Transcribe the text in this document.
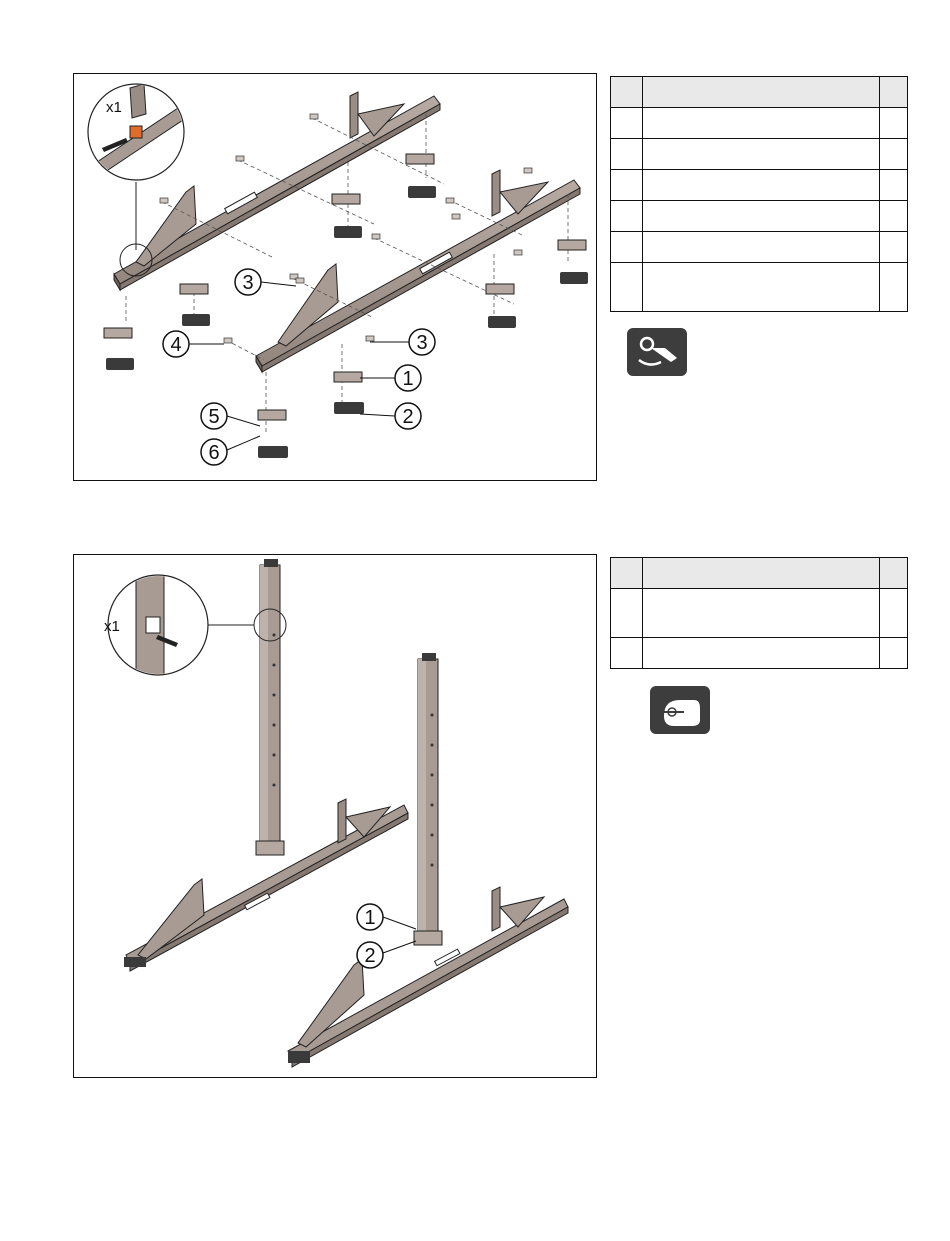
x1
3
4	3
1
2
5
6

x1
1
2
